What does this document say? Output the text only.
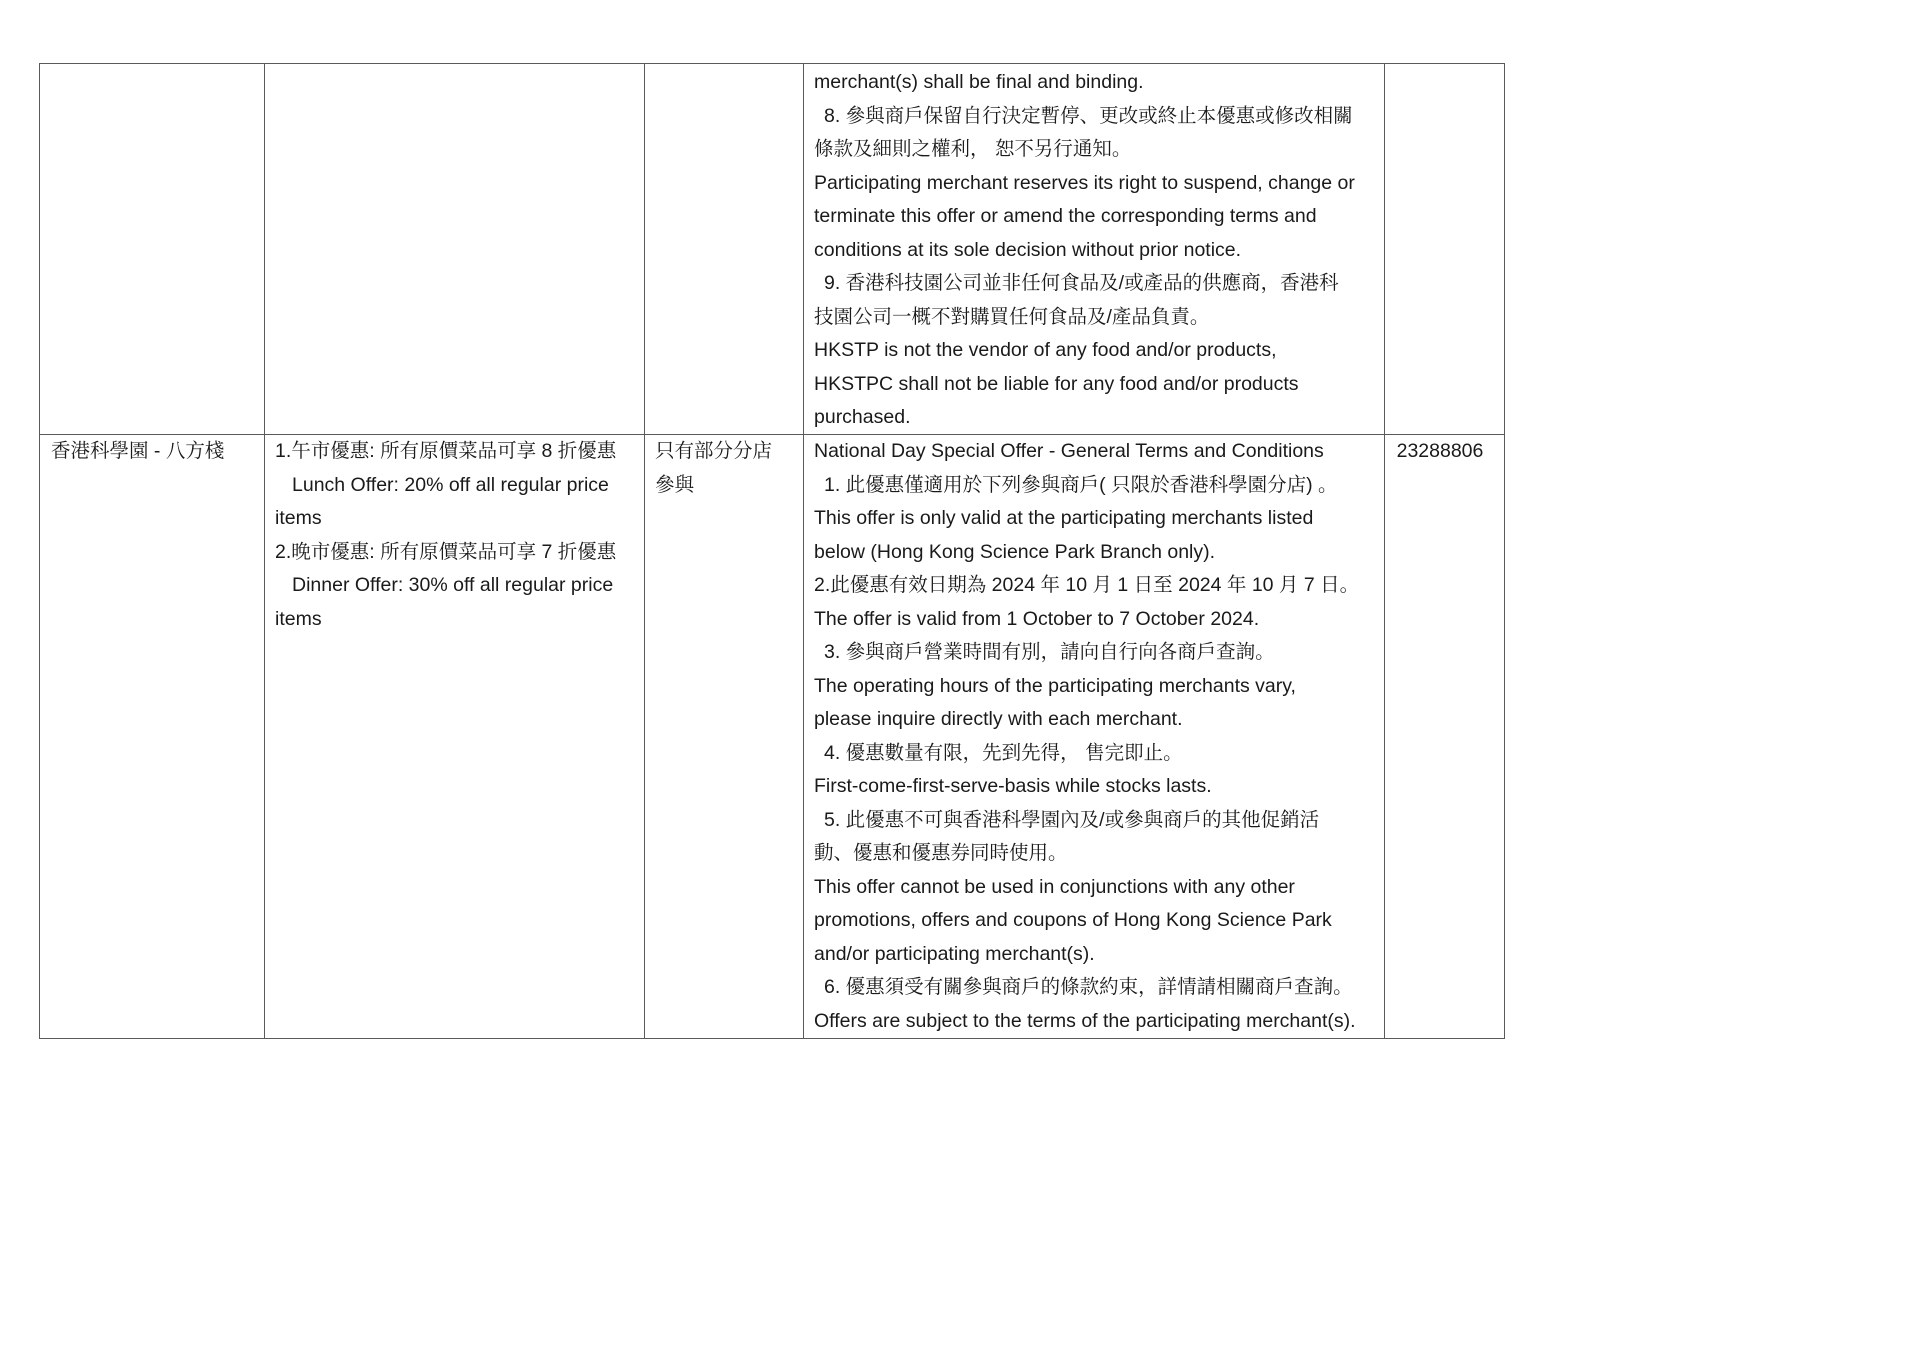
merchant(s) shall be final and binding.
8. 參與商戶保留自行決定暫停、更改或終止本優惠或修改相關
條款及細則之權利， 恕不另行通知。
Participating merchant reserves its right to suspend, change or
terminate this offer or amend the corresponding terms and
conditions at its sole decision without prior notice.
9. 香港科技園公司並非任何食品及/或產品的供應商，香港科
技園公司一概不對購買任何食品及/產品負責。
HKSTP is not the vendor of any food and/or products,
HKSTPC shall not be liable for any food and/or products
purchased.
香港科學園 - 八方棧	1.午市優惠: 所有原價菜品可享 8 折優惠
Lunch Offer: 20% off all regular price
items
2.晚市優惠: 所有原價菜品可享 7 折優惠
Dinner Offer: 30% off all regular price
items
只有部分分店
參與
National Day Special Offer - General Terms and Conditions
1. 此優惠僅適用於下列參與商戶( 只限於香港科學園分店) 。
This offer is only valid at the participating merchants listed
below (Hong Kong Science Park Branch only).
2.此優惠有效日期為 2024 年 10 月 1 日至 2024 年 10 月 7 日。
The offer is valid from 1 October to 7 October 2024.
3. 參與商戶營業時間有別，請向自行向各商戶查詢。
The operating hours of the participating merchants vary,
please inquire directly with each merchant.
4. 優惠數量有限，先到先得， 售完即止。
First-come-first-serve-basis while stocks lasts.
5. 此優惠不可與香港科學園內及/或參與商戶的其他促銷活
動、優惠和優惠券同時使用。
This offer cannot be used in conjunctions with any other
promotions, offers and coupons of Hong Kong Science Park
and/or participating merchant(s).
6. 優惠須受有關參與商戶的條款約束，詳情請相關商戶查詢。
Offers are subject to the terms of the participating merchant(s).
23288806
